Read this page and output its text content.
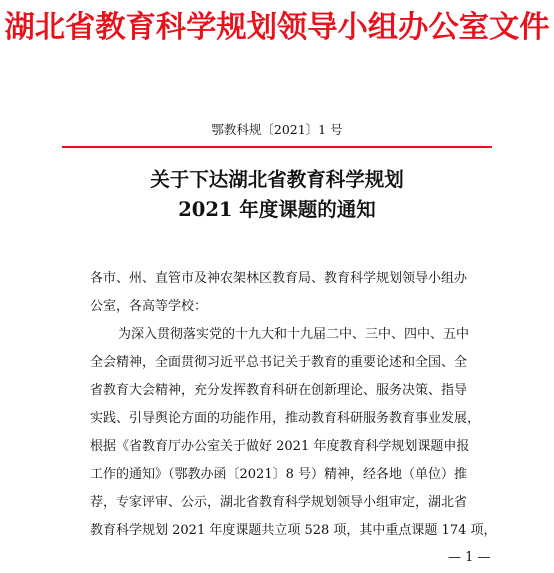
湖北省教育科学规划领导小组办公室文件
鄂教科规〔2021〕1 号
关于下达湖北省教育科学规划
2021 年度课题的通知
各市、州、直管市及神农架林区教育局、教育科学规划领导小组办
公室，各高等学校：
为深入贯彻落实党的十九大和十九届二中、三中、四中、五中
全会精神，全面贯彻习近平总书记关于教育的重要论述和全国、全
省教育大会精神，充分发挥教育科研在创新理论、服务决策、指导
实践、引导舆论方面的功能作用，推动教育科研服务教育事业发展，
根据《省教育厅办公室关于做好 2021 年度教育科学规划课题申报
工作的通知》（鄂教办函〔2021〕8 号）精神，经各地（单位）推
荐，专家评审、公示，湖北省教育科学规划领导小组审定，湖北省
教育科学规划 2021 年度课题共立项 528 项，其中重点课题 174 项，
— 1 —
